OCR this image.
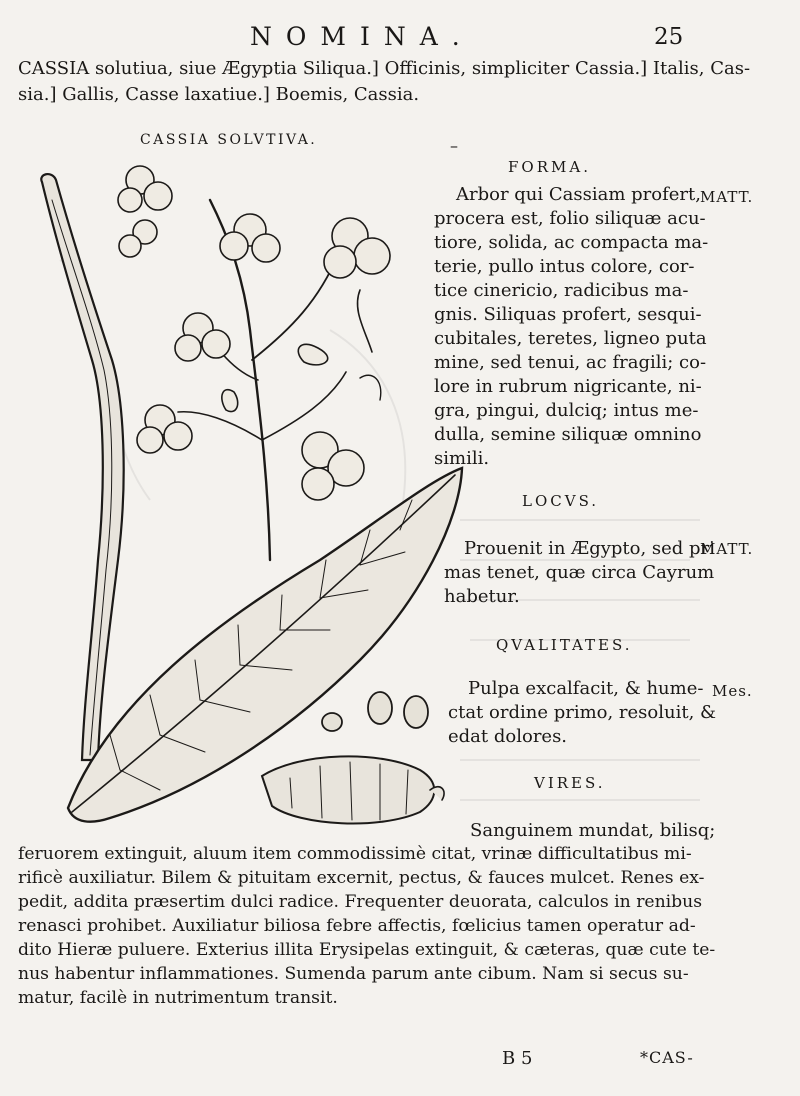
NOMINA.	25
CASSIA solutiua, siue Ægyptia Siliqua.] Officinis, simpliciter Cassia.] Italis, Cas-
sia.] Gallis, Casse laxatiue.] Boemis, Cassia.
CASSIA SOLVTIVA.	–
FORMA.
MATT.
Arbor qui Cassiam profert,
procera est, folio siliquæ acu-
tiore, solida, ac compacta ma-
terie, pullo intus colore, cor-
tice cinericio, radicibus ma-
gnis. Siliquas profert, sesqui-
cubitales, teretes, ligneo puta
mine, sed tenui, ac fragili; co-
lore in rubrum nigricante, ni-
gra, pingui, dulciq; intus me-
dulla, semine siliquæ omnino
simili.
LOCVS.
MATT.
Prouenit in Ægypto, sed pri
mas tenet, quæ circa Cayrum
habetur.
QVALITATES.
Mes.
Pulpa excalfacit, & hume-
ctat ordine primo, resoluit, &
edat dolores.
VIRES.
Sanguinem mundat, bilisq;
feruorem extinguit, aluum item commodissimè citat, vrinæ difficultatibus mi-
rificè auxiliatur. Bilem & pituitam excernit, pectus, & fauces mulcet. Renes ex-
pedit, addita præsertim dulci radice. Frequenter deuorata, calculos in renibus
renasci prohibet. Auxiliatur biliosa febre affectis, fœlicius tamen operatur ad-
dito Hieræ puluere. Exterius illita Erysipelas extinguit, & cæteras, quæ cute te-
nus habentur inflammationes. Sumenda parum ante cibum. Nam si secus su-
matur, facilè in nutrimentum transit.
B 5	*CAS-
